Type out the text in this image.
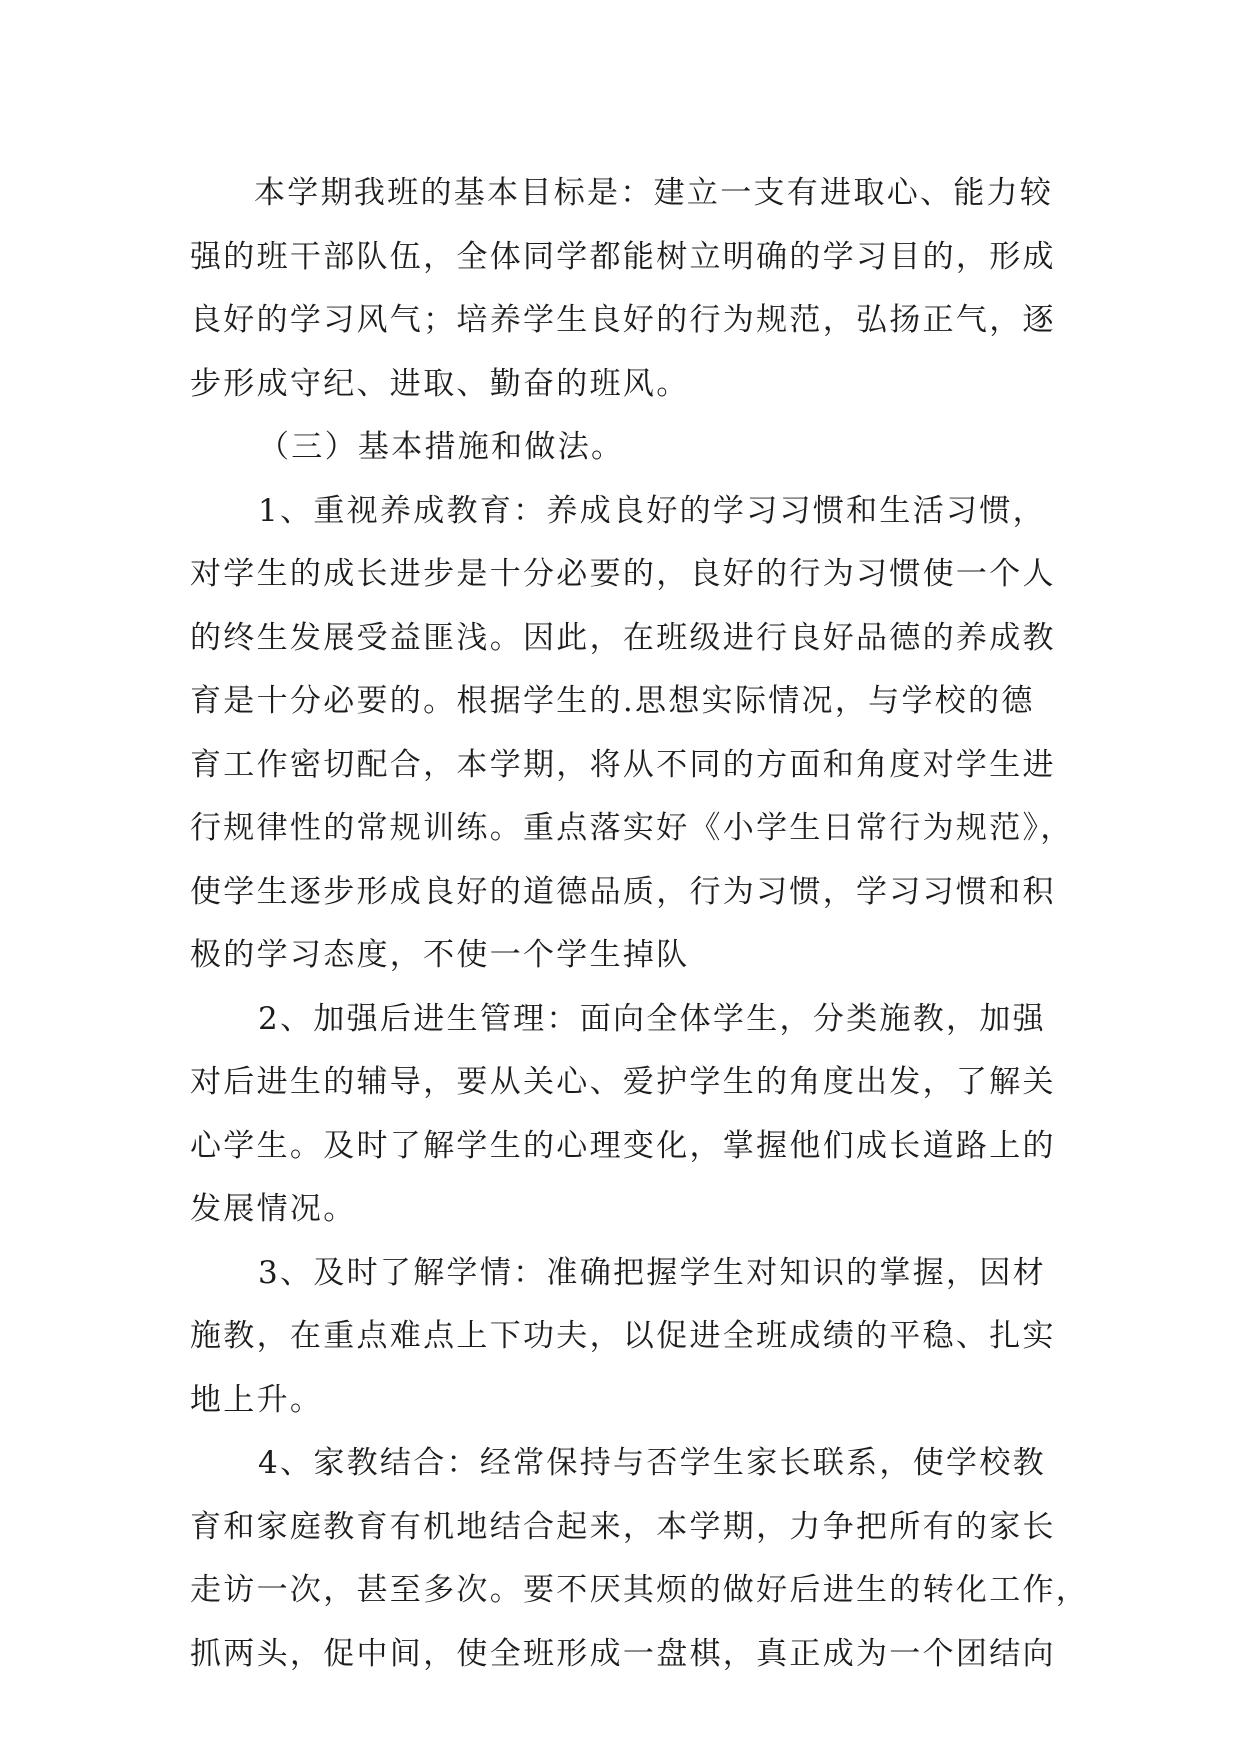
本学期我班的基本目标是：建立一支有进取心、能力较
强的班干部队伍，全体同学都能树立明确的学习目的，形成
良好的学习风气；培养学生良好的行为规范，弘扬正气，逐
步形成守纪、进取、勤奋的班风。
（三）基本措施和做法。
1、重视养成教育：养成良好的学习习惯和生活习惯，
对学生的成长进步是十分必要的，良好的行为习惯使一个人
的终生发展受益匪浅。因此，在班级进行良好品德的养成教
育是十分必要的。根据学生的.思想实际情况，与学校的德
育工作密切配合，本学期，将从不同的方面和角度对学生进
行规律性的常规训练。重点落实好《小学生日常行为规范》，
使学生逐步形成良好的道德品质，行为习惯，学习习惯和积
极的学习态度，不使一个学生掉队
2、加强后进生管理：面向全体学生，分类施教，加强
对后进生的辅导，要从关心、爱护学生的角度出发，了解关
心学生。及时了解学生的心理变化，掌握他们成长道路上的
发展情况。
3、及时了解学情：准确把握学生对知识的掌握，因材
施教，在重点难点上下功夫，以促进全班成绩的平稳、扎实
地上升。
4、家教结合：经常保持与否学生家长联系，使学校教
育和家庭教育有机地结合起来，本学期，力争把所有的家长
走访一次，甚至多次。要不厌其烦的做好后进生的转化工作，
抓两头，促中间，使全班形成一盘棋，真正成为一个团结向
